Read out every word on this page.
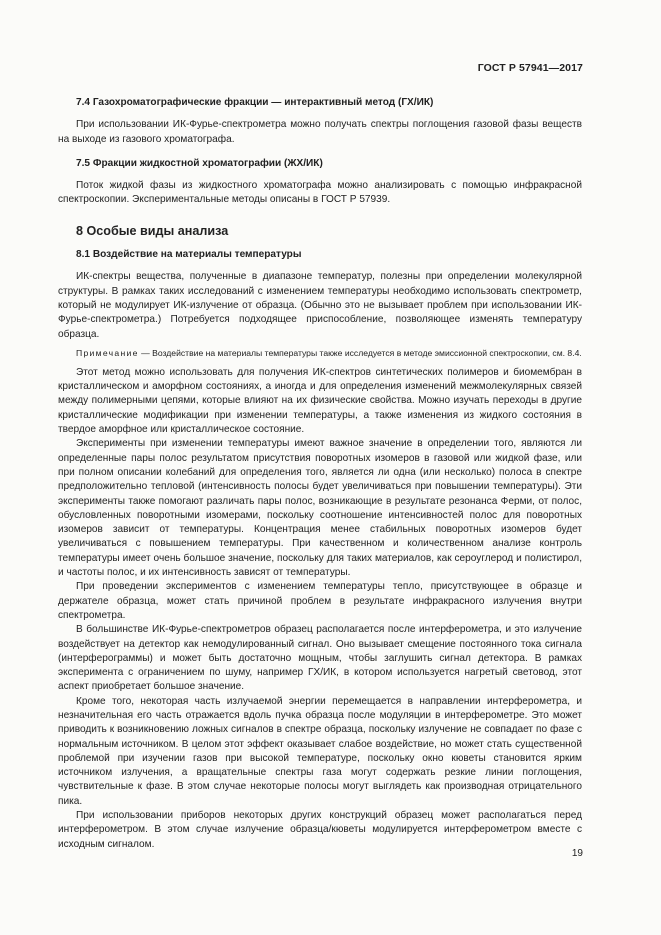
ГОСТ Р 57941—2017
7.4 Газохроматографические фракции — интерактивный метод (ГХ/ИК)

При использовании ИК-Фурье-спектрометра можно получать спектры поглощения газовой фазы веществ на выходе из газового хроматографа.

7.5 Фракции жидкостной хроматографии (ЖХ/ИК)

Поток жидкой фазы из жидкостного хроматографа можно анализировать с помощью инфракрасной спектроскопии. Экспериментальные методы описаны в ГОСТ Р 57939.

8 Особые виды анализа
8.1 Воздействие на материалы температуры

ИК-спектры вещества, полученные в диапазоне температур, полезны при определении молекулярной структуры. В рамках таких исследований с изменением температуры необходимо использовать спектрометр, который не модулирует ИК-излучение от образца. (Обычно это не вызывает проблем при использовании ИК-Фурье-спектрометра.) Потребуется подходящее приспособление, позволяющее изменять температуру образца.

Примечание — Воздействие на материалы температуры также исследуется в методе эмиссионной спектроскопии, см. 8.4.

Этот метод можно использовать для получения ИК-спектров синтетических полимеров и биомембран в кристаллическом и аморфном состояниях, а иногда и для определения изменений межмолекулярных связей между полимерными цепями, которые влияют на их физические свойства. Можно изучать переходы в другие кристаллические модификации при изменении температуры, а также изменения из жидкого состояния в твердое аморфное или кристаллическое состояние.

Эксперименты при изменении температуры имеют важное значение в определении того, являются ли определенные пары полос результатом присутствия поворотных изомеров в газовой или жидкой фазе, или при полном описании колебаний для определения того, является ли одна (или несколько) полоса в спектре предположительно тепловой (интенсивность полосы будет увеличиваться при повышении температуры). Эти эксперименты также помогают различать пары полос, возникающие в результате резонанса Ферми, от полос, обусловленных поворотными изомерами, поскольку соотношение интенсивностей полос для поворотных изомеров зависит от температуры. Концентрация менее стабильных поворотных изомеров будет увеличиваться с повышением температуры. При качественном и количественном анализе контроль температуры имеет очень большое значение, поскольку для таких материалов, как сероуглерод и полистирол, и частоты полос, и их интенсивность зависят от температуры.

При проведении экспериментов с изменением температуры тепло, присутствующее в образце и держателе образца, может стать причиной проблем в результате инфракрасного излучения внутри спектрометра.

В большинстве ИК-Фурье-спектрометров образец располагается после интерферометра, и это излучение воздействует на детектор как немодулированный сигнал. Оно вызывает смещение постоянного тока сигнала (интерферограммы) и может быть достаточно мощным, чтобы заглушить сигнал детектора. В рамках эксперимента с ограничением по шуму, например ГХ/ИК, в котором используется нагретый световод, этот аспект приобретает большое значение.

Кроме того, некоторая часть излучаемой энергии перемещается в направлении интерферометра, и незначительная его часть отражается вдоль пучка образца после модуляции в интерферометре. Это может приводить к возникновению ложных сигналов в спектре образца, поскольку излучение не совпадает по фазе с нормальным источником. В целом этот эффект оказывает слабое воздействие, но может стать существенной проблемой при изучении газов при высокой температуре, поскольку окно кюветы становится ярким источником излучения, а вращательные спектры газа могут содержать резкие линии поглощения, чувствительные к фазе. В этом случае некоторые полосы могут выглядеть как производная отрицательного пика.

При использовании приборов некоторых других конструкций образец может располагаться перед интерферометром. В этом случае излучение образца/кюветы модулируется интерферометром вместе с исходным сигналом.

19
